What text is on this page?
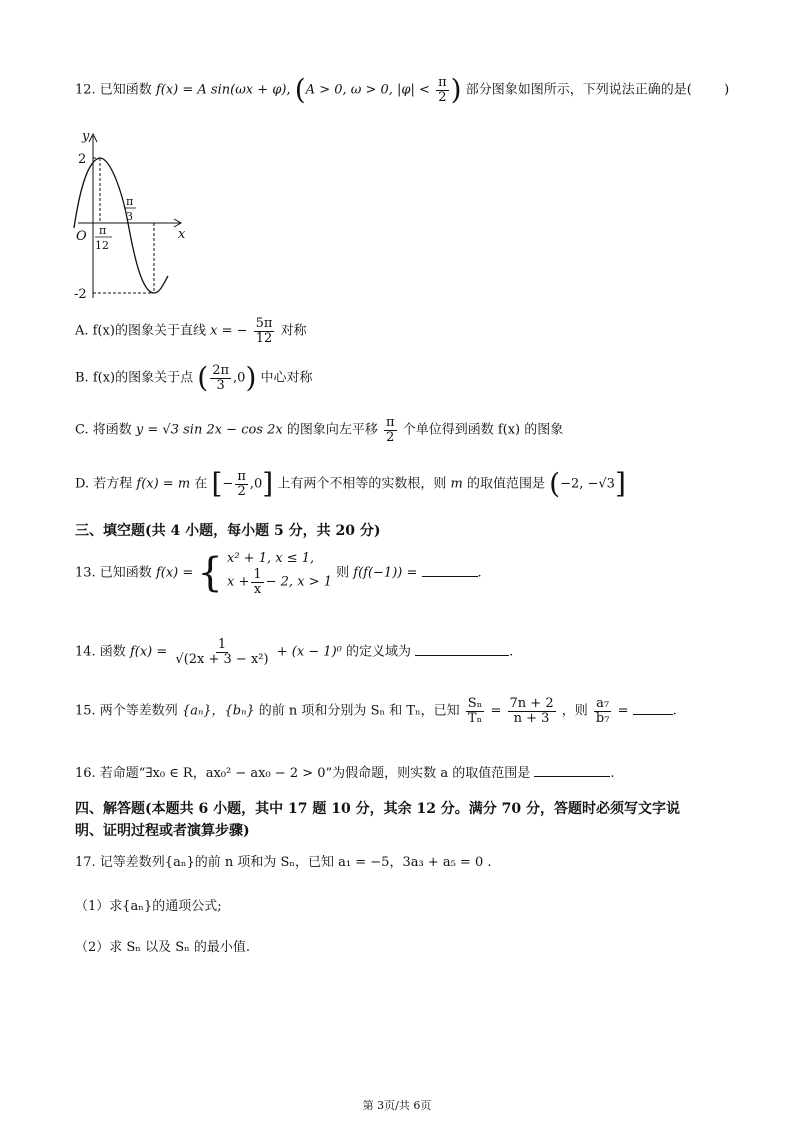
12. 已知函数 f(x) = A sin(ωx + φ), (A > 0, ω > 0, $|\varphi| < \frac{\pi}{2}$ ) 部分图象如图所示，下列说法正确的是( )
y
x
O
2
-2
π
12
π
3
A. f(x)的图象关于直线 x = − $\frac{5\pi}{12}$ 对称
B. f(x)的图象关于点 ( $\frac{2\pi}{3} ,0$) 中心对称
C. 将函数 y = √3 sin 2x − cos 2x 的图象向左平移 $\frac{\pi}{2}$ 个单位得到函数 f(x) 的图象
D. 若方程 f(x) = m 在 [− $\frac{\pi}{2} ,0$] 上有两个不相等的实数根，则 m 的取值范围是 (−2, −√3]
三、填空题(共 4 小题，每小题 5 分，共 20 分)
13. 已知函数 f(x) = { x² + 1, x ≤ 1,
$x + \frac{1}{x} - 2$, x > 1
则 f(f(−1)) =	.
14. 函数 $f(x) = \frac{1}{\text{√(2x + 3 − x²)}} + (x - 1)^0$ 的定义域为	.
15. 两个等差数列 {aₙ}，{bₙ} 的前 n 项和分别为 Sₙ 和 Tₙ，已知 $\frac{\text{Sₙ}}{\text{Tₙ}} = \frac{7n + 2}{n + 3}$ ，则 $\frac{\text{a₇}}{\text{b₇}}$ =	.
16. 若命题“∃x₀ ∈ R，ax₀² − ax₀ − 2 > 0”为假命题，则实数 a 的取值范围是	.
四、解答题(本题共 6 小题，其中 17 题 10 分，其余 12 分。满分 70 分，答题时必须写文字说
明、证明过程或者演算步骤)
17. 记等差数列{aₙ}的前 n 项和为 Sₙ，已知 a₁ = −5，3a₃ + a₅ = 0 .
（1）求{aₙ}的通项公式;
（2）求 Sₙ 以及 Sₙ 的最小值.
第 3页/共 6页
